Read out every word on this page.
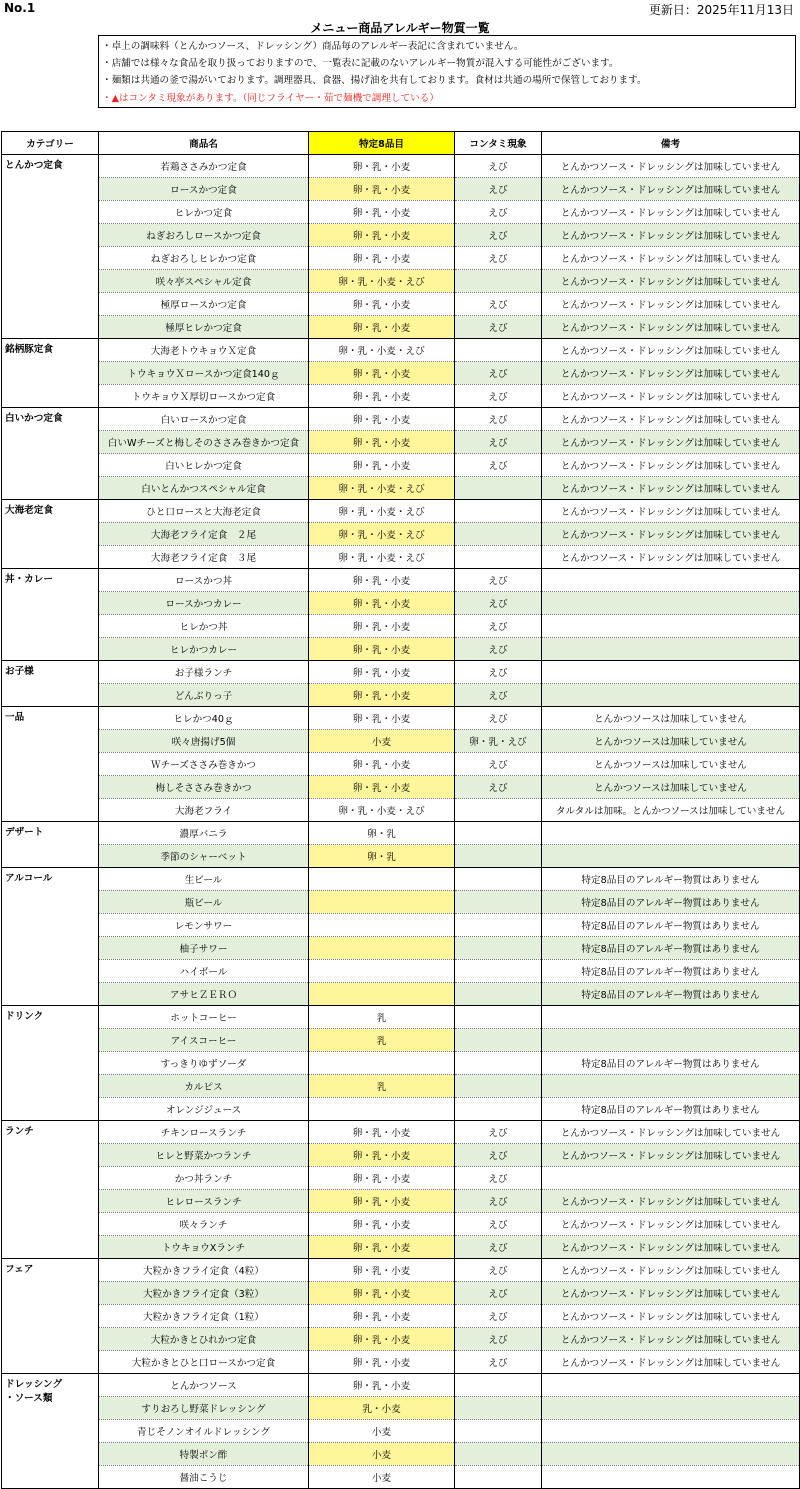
No.1	更新日：2025年11月13日
メニュー商品アレルギー物質一覧
・卓上の調味料（とんかつソース、ドレッシング）商品毎のアレルギー表記に含まれていません。
・店舗では様々な食品を取り扱っておりますので、一覧表に記載のないアレルギー物質が混入する可能性がございます。
・麺類は共通の釜で湯がいております。調理器具、食器、揚げ油を共有しております。食材は共通の場所で保管しております。
・▲はコンタミ現象があります。（同じフライヤー・茹で麺機で調理している）
カテゴリー	商品名	特定8品目	コンタミ現象	備考
とんかつ定食	若鶏ささみかつ定食	卵・乳・小麦	えび	とんかつソース・ドレッシングは加味していません
	ロースかつ定食	卵・乳・小麦	えび	とんかつソース・ドレッシングは加味していません
	ヒレかつ定食	卵・乳・小麦	えび	とんかつソース・ドレッシングは加味していません
	ねぎおろしロースかつ定食	卵・乳・小麦	えび	とんかつソース・ドレッシングは加味していません
	ねぎおろしヒレかつ定食	卵・乳・小麦	えび	とんかつソース・ドレッシングは加味していません
	咲々亭スペシャル定食	卵・乳・小麦・えび		とんかつソース・ドレッシングは加味していません
	極厚ロースかつ定食	卵・乳・小麦	えび	とんかつソース・ドレッシングは加味していません
	極厚ヒレかつ定食	卵・乳・小麦	えび	とんかつソース・ドレッシングは加味していません
銘柄豚定食	大海老トウキョウＸ定食	卵・乳・小麦・えび		とんかつソース・ドレッシングは加味していません
	トウキョウＸロースかつ定食140ｇ	卵・乳・小麦	えび	とんかつソース・ドレッシングは加味していません
	トウキョウＸ厚切ロースかつ定食	卵・乳・小麦	えび	とんかつソース・ドレッシングは加味していません
白いかつ定食	白いロースかつ定食	卵・乳・小麦	えび	とんかつソース・ドレッシングは加味していません
	白いWチーズと梅しそのささみ巻きかつ定食	卵・乳・小麦	えび	とんかつソース・ドレッシングは加味していません
	白いヒレかつ定食	卵・乳・小麦	えび	とんかつソース・ドレッシングは加味していません
	白いとんかつスペシャル定食	卵・乳・小麦・えび		とんかつソース・ドレッシングは加味していません
大海老定食	ひと口ロースと大海老定食	卵・乳・小麦・えび		とんかつソース・ドレッシングは加味していません
	大海老フライ定食　２尾	卵・乳・小麦・えび		とんかつソース・ドレッシングは加味していません
	大海老フライ定食　３尾	卵・乳・小麦・えび		とんかつソース・ドレッシングは加味していません
丼・カレー	ロースかつ丼	卵・乳・小麦	えび	
	ロースかつカレー	卵・乳・小麦	えび	
	ヒレかつ丼	卵・乳・小麦	えび	
	ヒレかつカレー	卵・乳・小麦	えび	
お子様	お子様ランチ	卵・乳・小麦	えび	
	どんぶりっ子	卵・乳・小麦	えび	
一品	ヒレかつ40ｇ	卵・乳・小麦	えび	とんかつソースは加味していません
	咲々唐揚げ5個	小麦	卵・乳・えび	とんかつソースは加味していません
	Ｗチーズささみ巻きかつ	卵・乳・小麦	えび	とんかつソースは加味していません
	梅しそささみ巻きかつ	卵・乳・小麦	えび	とんかつソースは加味していません
	大海老フライ	卵・乳・小麦・えび		タルタルは加味。とんかつソースは加味していません
デザート	濃厚バニラ	卵・乳		
	季節のシャーベット	卵・乳		
アルコール	生ビール			特定8品目のアレルギー物質はありません
	瓶ビール			特定8品目のアレルギー物質はありません
	レモンサワー			特定8品目のアレルギー物質はありません
	柚子サワー			特定8品目のアレルギー物質はありません
	ハイボール			特定8品目のアレルギー物質はありません
	アサヒＺＥＲＯ			特定8品目のアレルギー物質はありません
ドリンク	ホットコーヒー	乳		
	アイスコーヒー	乳		
	すっきりゆずソーダ			特定8品目のアレルギー物質はありません
	カルピス	乳		
	オレンジジュース			特定8品目のアレルギー物質はありません
ランチ	チキンロースランチ	卵・乳・小麦	えび	とんかつソース・ドレッシングは加味していません
	ヒレと野菜かつランチ	卵・乳・小麦	えび	とんかつソース・ドレッシングは加味していません
	かつ丼ランチ	卵・乳・小麦	えび	
	ヒレロースランチ	卵・乳・小麦	えび	とんかつソース・ドレッシングは加味していません
	咲々ランチ	卵・乳・小麦	えび	とんかつソース・ドレッシングは加味していません
	トウキョウXランチ	卵・乳・小麦	えび	とんかつソース・ドレッシングは加味していません
フェア	大粒かきフライ定食（4粒）	卵・乳・小麦	えび	とんかつソース・ドレッシングは加味していません
	大粒かきフライ定食（3粒）	卵・乳・小麦	えび	とんかつソース・ドレッシングは加味していません
	大粒かきフライ定食（1粒）	卵・乳・小麦	えび	とんかつソース・ドレッシングは加味していません
	大粒かきとひれかつ定食	卵・乳・小麦	えび	とんかつソース・ドレッシングは加味していません
	大粒かきとひと口ロースかつ定食	卵・乳・小麦	えび	とんかつソース・ドレッシングは加味していません
ドレッシング
・ソース類	とんかつソース	卵・乳・小麦		
	すりおろし野菜ドレッシング	乳・小麦		
	青じそノンオイルドレッシング	小麦		
	特製ポン酢	小麦		
	醤油こうじ	小麦		
